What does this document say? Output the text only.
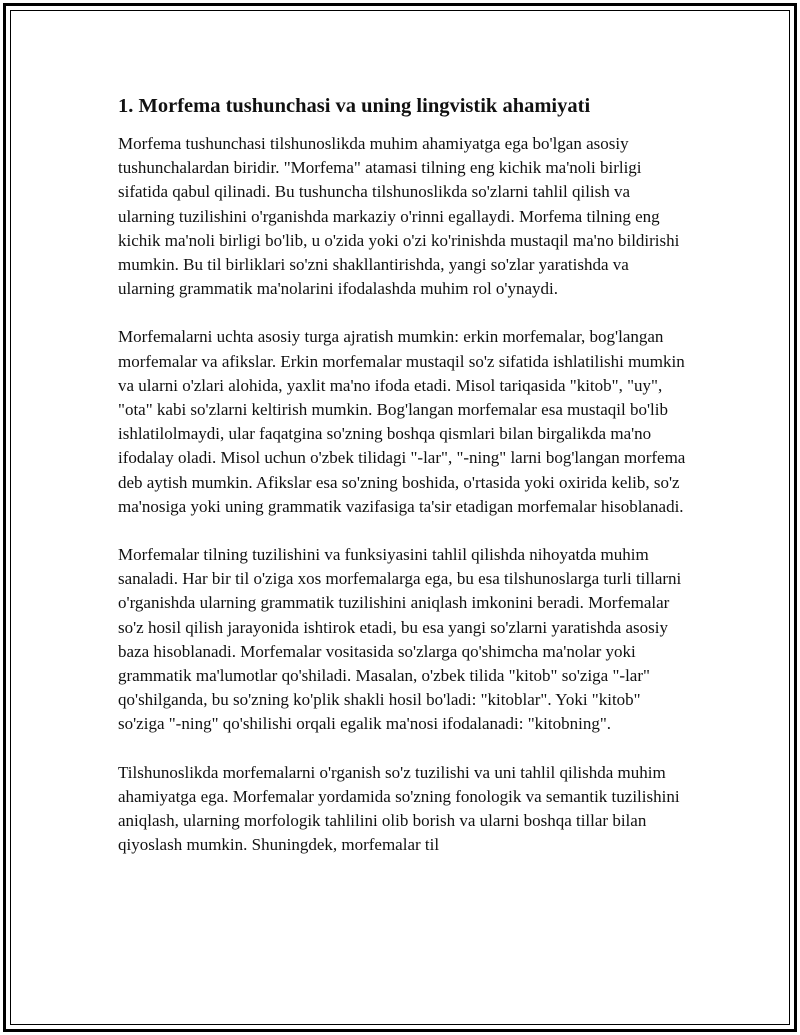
1. Morfema tushunchasi va uning lingvistik ahamiyati

Morfema tushunchasi tilshunoslikda muhim ahamiyatga ega bo'lgan asosiy tushunchalardan biridir. "Morfema" atamasi tilning eng kichik ma'noli birligi sifatida qabul qilinadi. Bu tushuncha tilshunoslikda so'zlarni tahlil qilish va ularning tuzilishini o'rganishda markaziy o'rinni egallaydi. Morfema tilning eng kichik ma'noli birligi bo'lib, u o'zida yoki o'zi ko'rinishda mustaqil ma'no bildirishi mumkin. Bu til birliklari so'zni shakllantirishda, yangi so'zlar yaratishda va ularning grammatik ma'nolarini ifodalashda muhim rol o'ynaydi.

Morfemalarni uchta asosiy turga ajratish mumkin: erkin morfemalar, bog'langan morfemalar va afikslar. Erkin morfemalar mustaqil so'z sifatida ishlatilishi mumkin va ularni o'zlari alohida, yaxlit ma'no ifoda etadi. Misol tariqasida "kitob", "uy", "ota" kabi so'zlarni keltirish mumkin. Bog'langan morfemalar esa mustaqil bo'lib ishlatilolmaydi, ular faqatgina so'zning boshqa qismlari bilan birgalikda ma'no ifodalay oladi. Misol uchun o'zbek tilidagi "-lar", "-ning" larni bog'langan morfema deb aytish mumkin. Afikslar esa so'zning boshida, o'rtasida yoki oxirida kelib, so'z ma'nosiga yoki uning grammatik vazifasiga ta'sir etadigan morfemalar hisoblanadi.

Morfemalar tilning tuzilishini va funksiyasini tahlil qilishda nihoyatda muhim sanaladi. Har bir til o'ziga xos morfemalarga ega, bu esa tilshunoslarga turli tillarni o'rganishda ularning grammatik tuzilishini aniqlash imkonini beradi. Morfemalar so'z hosil qilish jarayonida ishtirok etadi, bu esa yangi so'zlarni yaratishda asosiy baza hisoblanadi. Morfemalar vositasida so'zlarga qo'shimcha ma'nolar yoki grammatik ma'lumotlar qo'shiladi. Masalan, o'zbek tilida "kitob" so'ziga "-lar" qo'shilganda, bu so'zning ko'plik shakli hosil bo'ladi: "kitoblar". Yoki "kitob" so'ziga "-ning" qo'shilishi orqali egalik ma'nosi ifodalanadi: "kitobning".

Tilshunoslikda morfemalarni o'rganish so'z tuzilishi va uni tahlil qilishda muhim ahamiyatga ega. Morfemalar yordamida so'zning fonologik va semantik tuzilishini aniqlash, ularning morfologik tahlilini olib borish va ularni boshqa tillar bilan qiyoslash mumkin. Shuningdek, morfemalar til
